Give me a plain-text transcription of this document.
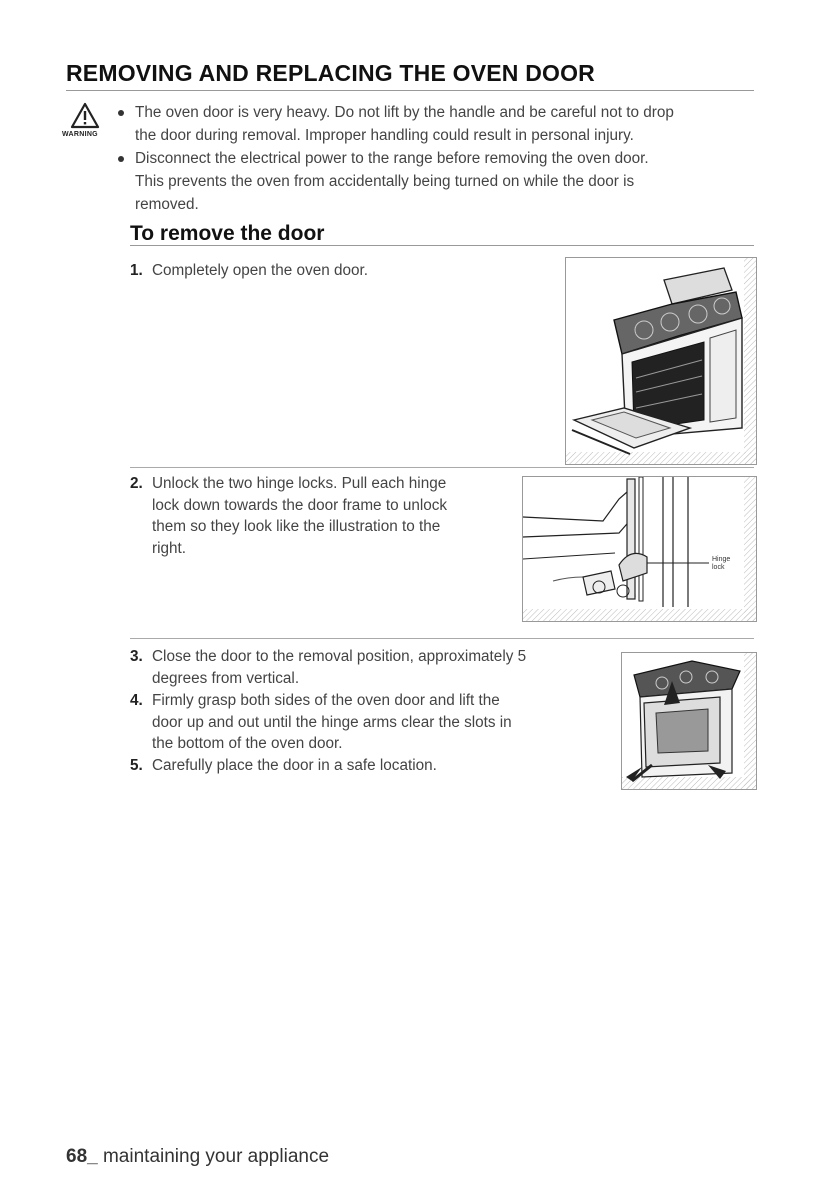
REMOVING AND REPLACING THE OVEN DOOR
WARNING
The oven door is very heavy. Do not lift by the handle and be careful not to drop
the door during removal. Improper handling could result in personal injury.
Disconnect the electrical power to the range before removing the oven door.
This prevents the oven from accidentally being turned on while the door is
removed.
To remove the door
1. Completely open the oven door.
2. Unlock the two hinge locks. Pull each hinge
lock down towards the door frame to unlock
them so they look like the illustration to the
right.
Hinge
lock
3. Close the door to the removal position, approximately 5
degrees from vertical.
4. Firmly grasp both sides of the oven door and lift the
door up and out until the hinge arms clear the slots in
the bottom of the oven door.
5. Carefully place the door in a safe location.
68_ maintaining your appliance
